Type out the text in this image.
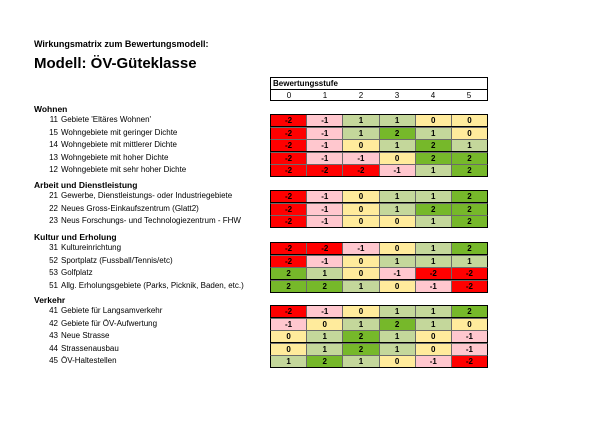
Wirkungsmatrix zum Bewertungsmodell:
Modell: ÖV-Güteklasse
Bewertungsstufe
0	1	2	3	4	5
Wohnen
11 Gebiete 'Eltäres Wohnen'	-2	-1	1	1	0	0
15 Wohngebiete mit geringer Dichte	-2	-1	1	2	1	0
14 Wohngebiete mit mittlerer Dichte	-2	-1	0	1	2	1
13 Wohngebiete mit hoher Dichte	-2	-1	-1	0	2	2
12 Wohngebiete mit sehr hoher Dichte	-2	-2	-2	-1	1	2
Arbeit und Dienstleistung
21 Gewerbe, Dienstleistungs- oder Industriegebiete	-2	-1	0	1	1	2
22 Neues Gross-Einkaufszentrum (Glatt2)	-2	-1	0	1	2	2
23 Neus Forschungs- und Technologiezentrum - FHW	-2	-1	0	0	1	2
Kultur und Erholung
31 Kultureinrichtung	-2	-2	-1	0	1	2
52 Sportplatz (Fussball/Tennis/etc)	-2	-1	0	1	1	1
53 Golfplatz	2	1	0	-1	-2	-2
51 Allg. Erholungsgebiete (Parks, Picknik, Baden, etc.)	2	2	1	0	-1	-2
Verkehr
41 Gebiete für Langsamverkehr	-2	-1	0	1	1	2
42 Gebiete für ÖV-Aufwertung	-1	0	1	2	1	0
43 Neue Strasse	0	1	2	1	0	-1
44 Strassenausbau	0	1	2	1	0	-1
45 ÖV-Haltestellen	1	2	1	0	-1	-2
